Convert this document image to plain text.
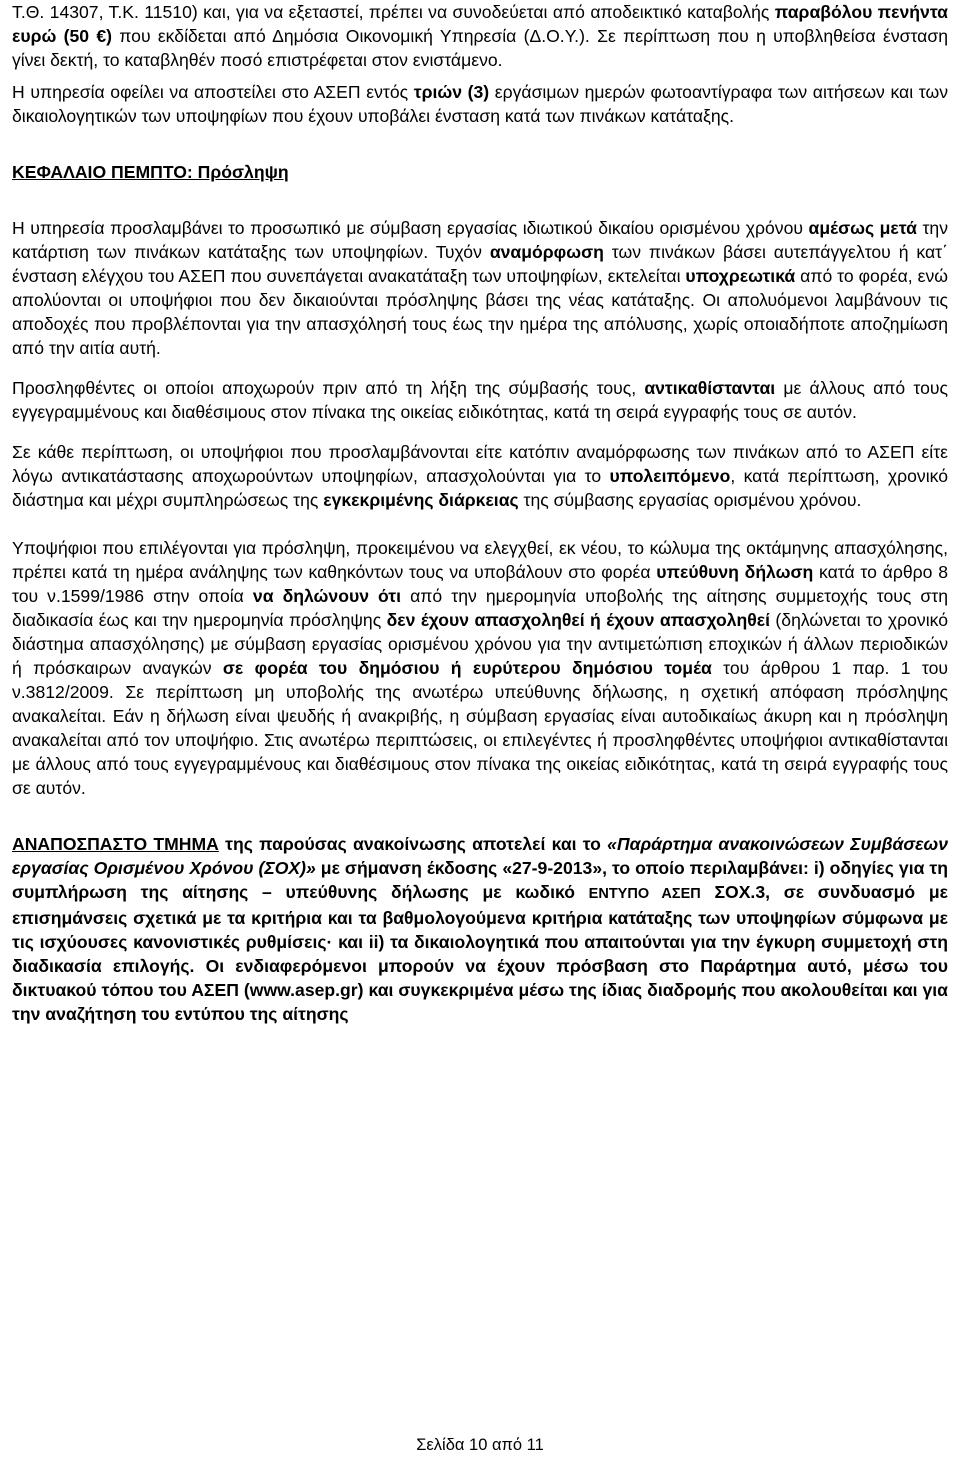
Τ.Θ. 14307, Τ.Κ. 11510) και, για να εξεταστεί, πρέπει να συνοδεύεται από αποδεικτικό καταβολής παραβόλου πενήντα ευρώ (50 €) που εκδίδεται από Δημόσια Οικονομική Υπηρεσία (Δ.Ο.Υ.). Σε περίπτωση που η υποβληθείσα ένσταση γίνει δεκτή, το καταβληθέν ποσό επιστρέφεται στον ενιστάμενο.

Η υπηρεσία οφείλει να αποστείλει στο ΑΣΕΠ εντός τριών (3) εργάσιμων ημερών φωτοαντίγραφα των αιτήσεων και των δικαιολογητικών των υποψηφίων που έχουν υποβάλει ένσταση κατά των πινάκων κατάταξης.

ΚΕΦΑΛΑΙΟ ΠΕΜΠΤΟ: Πρόσληψη

Η υπηρεσία προσλαμβάνει το προσωπικό με σύμβαση εργασίας ιδιωτικού δικαίου ορισμένου χρόνου αμέσως μετά την κατάρτιση των πινάκων κατάταξης των υποψηφίων. Τυχόν αναμόρφωση των πινάκων βάσει αυτεπάγγελτου ή κατ΄ ένσταση ελέγχου του ΑΣΕΠ που συνεπάγεται ανακατάταξη των υποψηφίων, εκτελείται υποχρεωτικά από το φορέα, ενώ απολύονται οι υποψήφιοι που δεν δικαιούνται πρόσληψης βάσει της νέας κατάταξης. Οι απολυόμενοι λαμβάνουν τις αποδοχές που προβλέπονται για την απασχόλησή τους έως την ημέρα της απόλυσης, χωρίς οποιαδήποτε αποζημίωση από την αιτία αυτή.

Προσληφθέντες οι οποίοι αποχωρούν πριν από τη λήξη της σύμβασής τους, αντικαθίστανται με άλλους από τους εγγεγραμμένους και διαθέσιμους στον πίνακα της οικείας ειδικότητας, κατά τη σειρά εγγραφής τους σε αυτόν.

Σε κάθε περίπτωση, οι υποψήφιοι που προσλαμβάνονται είτε κατόπιν αναμόρφωσης των πινάκων από το ΑΣΕΠ είτε λόγω αντικατάστασης αποχωρούντων υποψηφίων, απασχολούνται για το υπολειπόμενο, κατά περίπτωση, χρονικό διάστημα και μέχρι συμπληρώσεως της εγκεκριμένης διάρκειας της σύμβασης εργασίας ορισμένου χρόνου.

Υποψήφιοι που επιλέγονται για πρόσληψη, προκειμένου να ελεγχθεί, εκ νέου, το κώλυμα της οκτάμηνης απασχόλησης, πρέπει κατά τη ημέρα ανάληψης των καθηκόντων τους να υποβάλουν στο φορέα υπεύθυνη δήλωση κατά το άρθρο 8 του ν.1599/1986 στην οποία να δηλώνουν ότι από την ημερομηνία υποβολής της αίτησης συμμετοχής τους στη διαδικασία έως και την ημερομηνία πρόσληψης δεν έχουν απασχοληθεί ή έχουν απασχοληθεί (δηλώνεται το χρονικό διάστημα απασχόλησης) με σύμβαση εργασίας ορισμένου χρόνου για την αντιμετώπιση εποχικών ή άλλων περιοδικών ή πρόσκαιρων αναγκών σε φορέα του δημόσιου ή ευρύτερου δημόσιου τομέα του άρθρου 1 παρ. 1 του ν.3812/2009. Σε περίπτωση μη υποβολής της ανωτέρω υπεύθυνης δήλωσης, η σχετική απόφαση πρόσληψης ανακαλείται. Εάν η δήλωση είναι ψευδής ή ανακριβής, η σύμβαση εργασίας είναι αυτοδικαίως άκυρη και η πρόσληψη ανακαλείται από τον υποψήφιο. Στις ανωτέρω περιπτώσεις, οι επιλεγέντες ή προσληφθέντες υποψήφιοι αντικαθίστανται με άλλους από τους εγγεγραμμένους και διαθέσιμους στον πίνακα της οικείας ειδικότητας, κατά τη σειρά εγγραφής τους σε αυτόν.

ΑΝΑΠΟΣΠΑΣΤΟ ΤΜΗΜΑ της παρούσας ανακοίνωσης αποτελεί και το «Παράρτημα ανακοινώσεων Συμβάσεων εργασίας Ορισμένου Χρόνου (ΣΟΧ)» με σήμανση έκδοσης «27-9-2013», το οποίο περιλαμβάνει: i) οδηγίες για τη συμπλήρωση της αίτησης – υπεύθυνης δήλωσης με κωδικό ΕΝΤΥΠΟ ΑΣΕΠ ΣΟΧ.3, σε συνδυασμό με επισημάνσεις σχετικά με τα κριτήρια και τα βαθμολογούμενα κριτήρια κατάταξης των υποψηφίων σύμφωνα με τις ισχύουσες κανονιστικές ρυθμίσεις· και ii) τα δικαιολογητικά που απαιτούνται για την έγκυρη συμμετοχή στη διαδικασία επιλογής. Οι ενδιαφερόμενοι μπορούν να έχουν πρόσβαση στο Παράρτημα αυτό, μέσω του δικτυακού τόπου του ΑΣΕΠ (www.asep.gr) και συγκεκριμένα μέσω της ίδιας διαδρομής που ακολουθείται και για την αναζήτηση του εντύπου της αίτησης

Σελίδα 10 από 11
